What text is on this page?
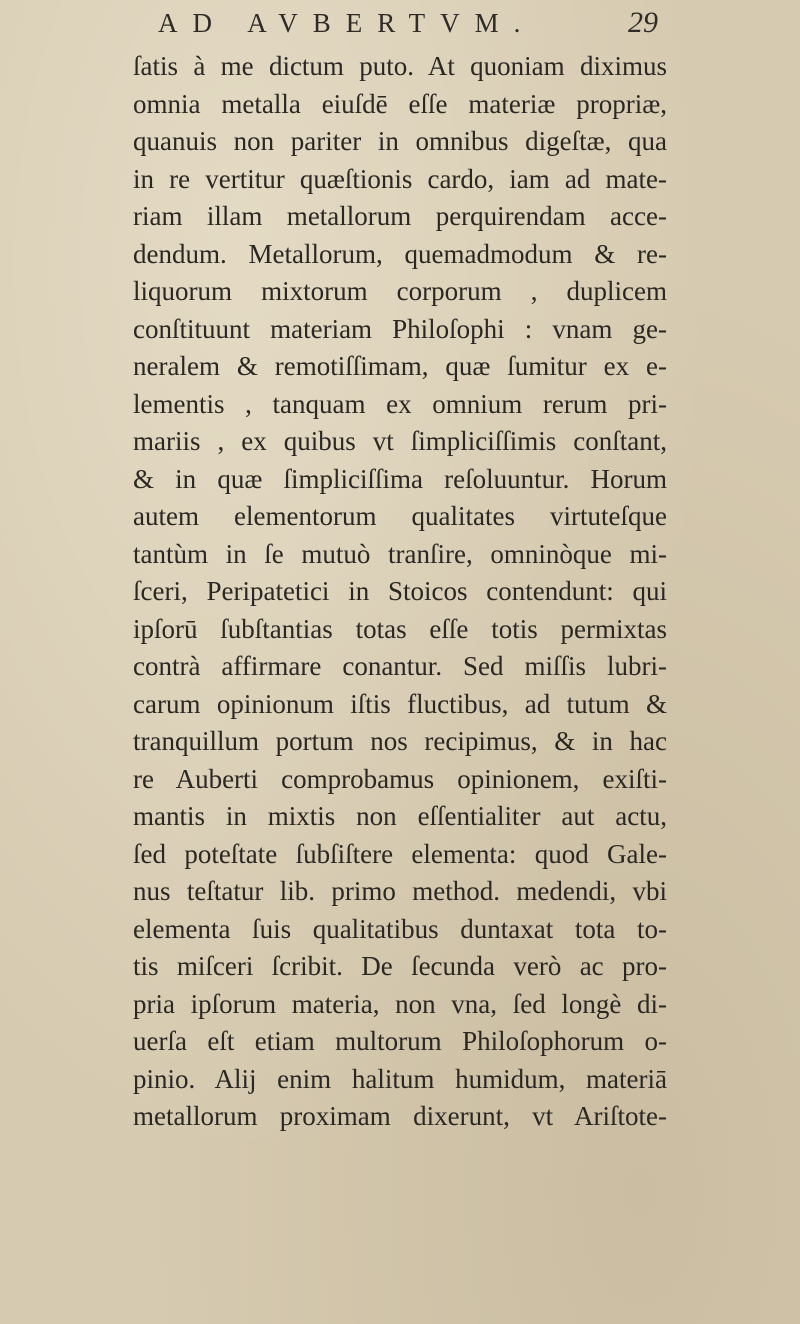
AD AVBERTVM.	29
ſatis à me dictum puto. At quoniam diximus
omnia metalla eiuſdē eſſe materiæ propriæ,
quanuis non pariter in omnibus digeſtæ, qua
in re vertitur quæſtionis cardo, iam ad mate-
riam illam metallorum perquirendam acce-
dendum. Metallorum, quemadmodum & re-
liquorum mixtorum corporum , duplicem
conſtituunt materiam Philoſophi : vnam ge-
neralem & remotiſſimam, quæ ſumitur ex e-
lementis , tanquam ex omnium rerum pri-
mariis , ex quibus vt ſimpliciſſimis conſtant,
& in quæ ſimpliciſſima reſoluuntur. Horum
autem elementorum qualitates virtuteſque
tantùm in ſe mutuò tranſire, omninòque mi-
ſceri, Peripatetici in Stoicos contendunt: qui
ipſorū ſubſtantias totas eſſe totis permixtas
contrà affirmare conantur. Sed miſſis lubri-
carum opinionum iſtis fluctibus, ad tutum &
tranquillum portum nos recipimus, & in hac
re Auberti comprobamus opinionem, exiſti-
mantis in mixtis non eſſentialiter aut actu,
ſed poteſtate ſubſiſtere elementa: quod Gale-
nus teſtatur lib. primo method. medendi, vbi
elementa ſuis qualitatibus duntaxat tota to-
tis miſceri ſcribit. De ſecunda verò ac pro-
pria ipſorum materia, non vna, ſed longè di-
uerſa eſt etiam multorum Philoſophorum o-
pinio. Alij enim halitum humidum, materiā
metallorum proximam dixerunt, vt Ariſtote-
